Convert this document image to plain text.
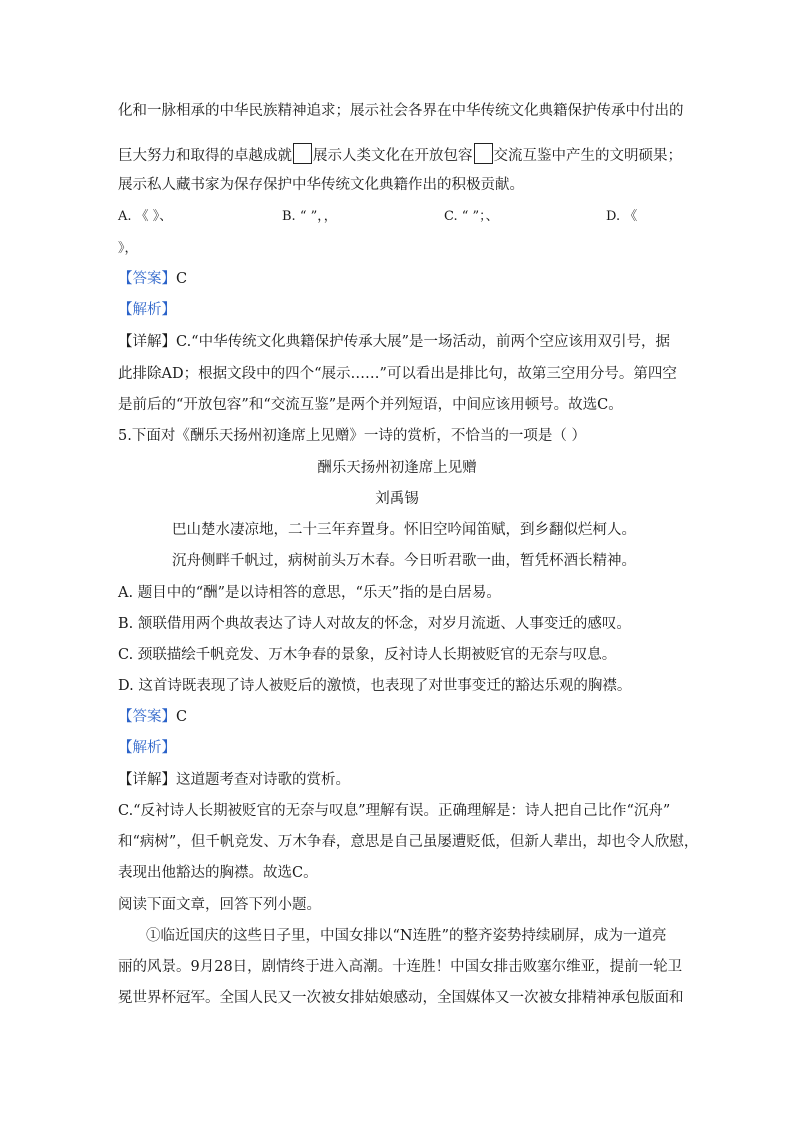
化和一脉相承的中华民族精神追求；展示社会各界在中华传统文化典籍保护传承中付出的
巨大努力和取得的卓越成就 展示人类文化在开放包容 交流互鉴中产生的文明硕果；
展示私人藏书家为保存保护中华传统文化典籍作出的积极贡献。
A. 《 》、	B. “ ”，，	C. “ ”；、	D. 《
》，
【答案】C
【解析】
【详解】C.“中华传统文化典籍保护传承大展”是一场活动，前两个空应该用双引号，据
此排除AD；根据文段中的四个“展示……”可以看出是排比句，故第三空用分号。第四空
是前后的“开放包容”和“交流互鉴”是两个并列短语，中间应该用顿号。故选C。
5.下面对《酬乐天扬州初逢席上见赠》一诗的赏析，不恰当的一项是（ ）
酬乐天扬州初逢席上见赠
刘禹锡
巴山楚水凄凉地，二十三年弃置身。怀旧空吟闻笛赋，到乡翻似烂柯人。
沉舟侧畔千帆过，病树前头万木春。今日听君歌一曲，暂凭杯酒长精神。
A. 题目中的“酬”是以诗相答的意思，“乐天”指的是白居易。
B. 颔联借用两个典故表达了诗人对故友的怀念，对岁月流逝、人事变迁的感叹。
C. 颈联描绘千帆竞发、万木争春的景象，反衬诗人长期被贬官的无奈与叹息。
D. 这首诗既表现了诗人被贬后的激愤，也表现了对世事变迁的豁达乐观的胸襟。
【答案】C
【解析】
【详解】这道题考查对诗歌的赏析。
C.“反衬诗人长期被贬官的无奈与叹息”理解有误。正确理解是：诗人把自己比作“沉舟”
和“病树”，但千帆竞发、万木争春，意思是自己虽屡遭贬低，但新人辈出，却也令人欣慰，
表现出他豁达的胸襟。故选C。
阅读下面文章，回答下列小题。
①临近国庆的这些日子里，中国女排以“N连胜”的整齐姿势持续刷屏，成为一道亮
丽的风景。9月28日，剧情终于进入高潮。十连胜！中国女排击败塞尔维亚，提前一轮卫
冕世界杯冠军。全国人民又一次被女排姑娘感动，全国媒体又一次被女排精神承包版面和
